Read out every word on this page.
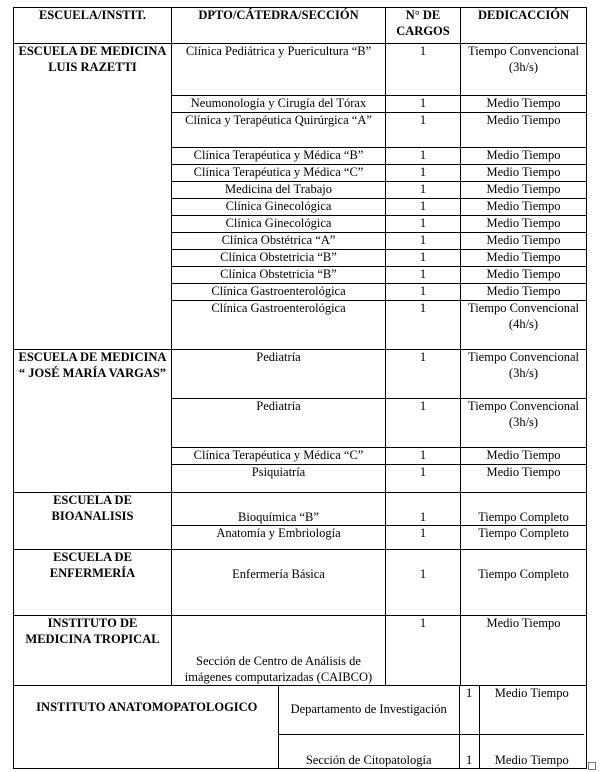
ESCUELA/INSTIT.	DPTO/CÁTEDRA/SECCIÓN	N° DE CARGOS	DEDICACCIÓN
ESCUELA DE MEDICINA LUIS RAZETTI	Clínica Pediátrica y Puericultura “B”	1	Tiempo Convencional (3h/s)
Neumonología y Cirugía del Tórax	1	Medio Tiempo
Clínica y Terapéutica Quirúrgica “A”	1	Medio Tiempo
Clínica Terapéutica y Médica “B”	1	Medio Tiempo
Clínica Terapéutica y Médica “C”	1	Medio Tiempo
Medicina del Trabajo	1	Medio Tiempo
Clínica Ginecológica	1	Medio Tiempo
Clínica Ginecológica	1	Medio Tiempo
Clínica Obstétrica “A”	1	Medio Tiempo
Clínica Obstetricia “B”	1	Medio Tiempo
Clínica Obstetricia “B”	1	Medio Tiempo
Clínica Gastroenterológica	1	Medio Tiempo
Clínica Gastroenterológica	1	Tiempo Convencional (4h/s)
ESCUELA DE MEDICINA “ JOSÉ MARÍA VARGAS”	Pediatría	1	Tiempo Convencional (3h/s)
Pediatría	1	Tiempo Convencional (3h/s)
Clínica Terapéutica y Médica “C”	1	Medio Tiempo
Psiquiatría	1	Medio Tiempo
ESCUELA DE BIOANALISIS	Bioquímica “B”	1	Tiempo Completo
Anatomía y Embriología	1	Tiempo Completo
ESCUELA DE ENFERMERÍA	Enfermería Básica	1	Tiempo Completo
INSTITUTO DE MEDICINA TROPICAL	Sección de Centro de Análisis de imágenes computarizadas (CAIBCO)	1	Medio Tiempo

INSTITUTO ANATOMOPATOLOGICO	Departamento de Investigación	1	Medio Tiempo
Sección de Citopatología	1	Medio Tiempo
